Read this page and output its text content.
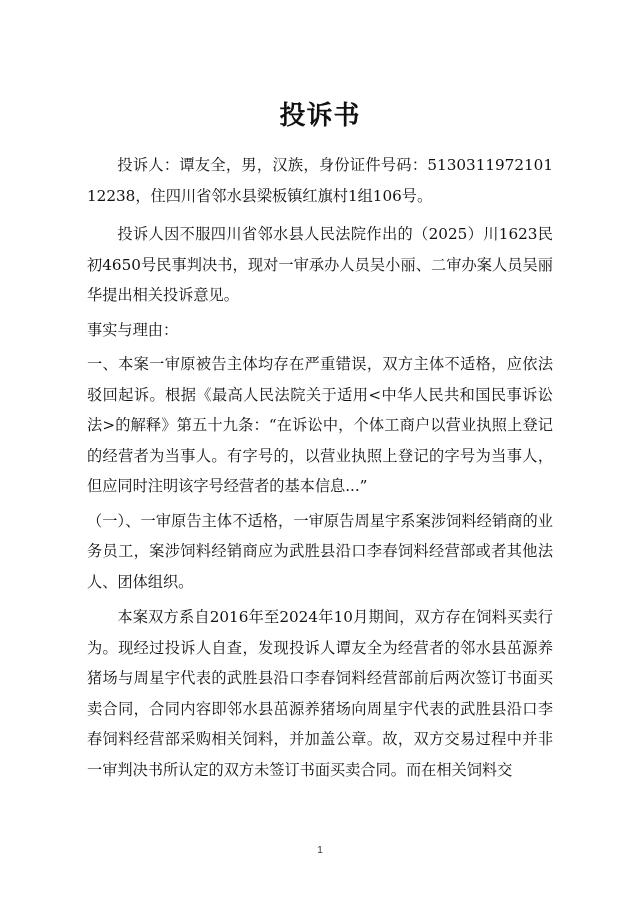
投诉书

投诉人：谭友全，男，汉族，身份证件号码：513031197210112238，住四川省邻水县梁板镇红旗村1组106号。

投诉人因不服四川省邻水县人民法院作出的（2025）川1623民初4650号民事判决书，现对一审承办人员吴小丽、二审办案人员吴丽华提出相关投诉意见。

事实与理由：

一、本案一审原被告主体均存在严重错误，双方主体不适格，应依法驳回起诉。根据《最高人民法院关于适用<中华人民共和国民事诉讼法>的解释》第五十九条：“在诉讼中，个体工商户以营业执照上登记的经营者为当事人。有字号的，以营业执照上登记的字号为当事人，但应同时注明该字号经营者的基本信息...”

（一）、一审原告主体不适格，一审原告周星宇系案涉饲料经销商的业务员工，案涉饲料经销商应为武胜县沿口李春饲料经营部或者其他法人、团体组织。

本案双方系自2016年至2024年10月期间，双方存在饲料买卖行为。现经过投诉人自查，发现投诉人谭友全为经营者的邻水县茁源养猪场与周星宇代表的武胜县沿口李春饲料经营部前后两次签订书面买卖合同，合同内容即邻水县茁源养猪场向周星宇代表的武胜县沿口李春饲料经营部采购相关饲料，并加盖公章。故，双方交易过程中并非一审判决书所认定的双方未签订书面买卖合同。而在相关饲料交

1
